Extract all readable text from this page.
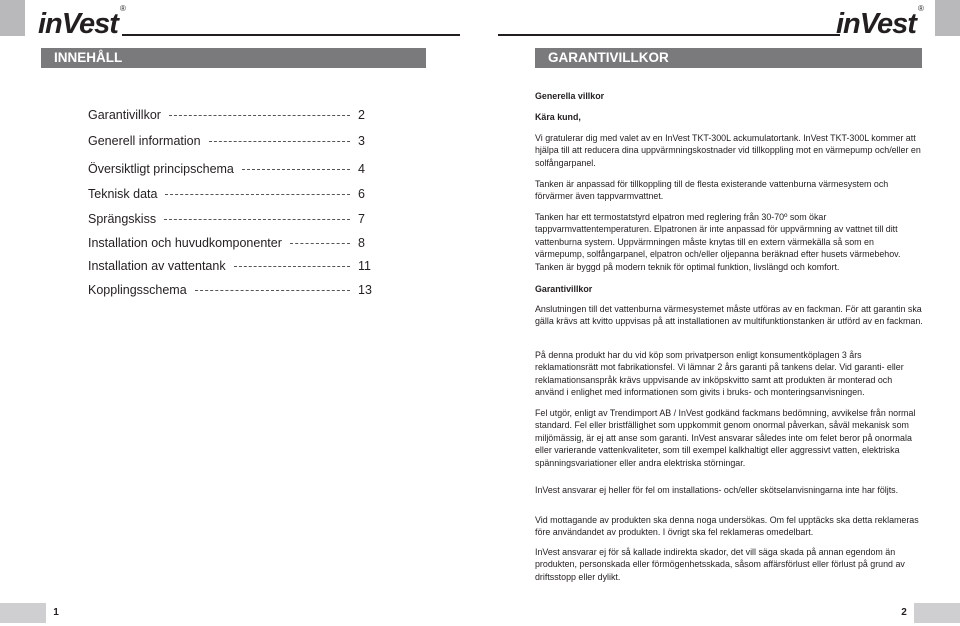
inVest ®
INNEHÅLL
Garantivillkor	2
Generell information	3
Översiktligt principschema	4
Teknisk data	6
Sprängskiss	7
Installation och huvudkomponenter	8
Installation av vattentank	11
Kopplingsschema	13
inVest ®
GARANTIVILLKOR
Generella villkor
Kära kund,

Vi gratulerar dig med valet av en InVest TKT-300L ackumulatortank. InVest TKT-300L kommer att hjälpa till att reducera dina uppvärmningskostnader vid tillkoppling mot en värmepump och/eller en solfångarpanel.

Tanken är anpassad för tillkoppling till de flesta existerande vattenburna värmesystem och förvärmer även tappvarmvattnet.

Tanken har ett termostatstyrd elpatron med reglering från 30-70º som ökar tappvarmvattentemperaturen. Elpatronen är inte anpassad för uppvärmning av vattnet till ditt vattenburna system. Uppvärmningen måste knytas till en extern värmekälla så som en värmepump, solfångarpanel, elpatron och/eller oljepanna beräknad efter husets värmebehov. Tanken är byggd på modern teknik för optimal funktion, livslängd och komfort.

Garantivillkor

Anslutningen till det vattenburna värmesystemet måste utföras av en fackman. För att garantin ska gälla krävs att kvitto uppvisas på att installationen av multifunktionstanken är utförd av en fackman.

På denna produkt har du vid köp som privatperson enligt konsumentköplagen 3 års reklamationsrätt mot fabrikationsfel. Vi lämnar 2 års garanti på tankens delar. Vid garanti- eller reklamationsanspråk krävs uppvisande av inköpskvitto samt att produkten är monterad och använd i enlighet med informationen som givits i bruks- och monteringsanvisningen.

Fel utgör, enligt av Trendimport AB / InVest godkänd fackmans bedömning, avvikelse från normal standard. Fel eller bristfällighet som uppkommit genom onormal påverkan, såväl mekanisk som miljömässig, är ej att anse som garanti. InVest ansvarar således inte om felet beror på onormala eller varierande vattenkvaliteter, som till exempel kalkhaltigt eller aggressivt vatten, elektriska spänningsvariationer eller andra elektriska störningar.

InVest ansvarar ej heller för fel om installations- och/eller skötselanvisningarna inte har följts.

Vid mottagande av produkten ska denna noga undersökas. Om fel upptäcks ska detta reklameras före användandet av produkten. I övrigt ska fel reklameras omedelbart.

InVest ansvarar ej för så kallade indirekta skador, det vill säga skada på annan egendom än produkten, personskada eller förmögenhetsskada, såsom affärsförlust eller förlust på grund av driftsstopp eller dylikt.

1	2
